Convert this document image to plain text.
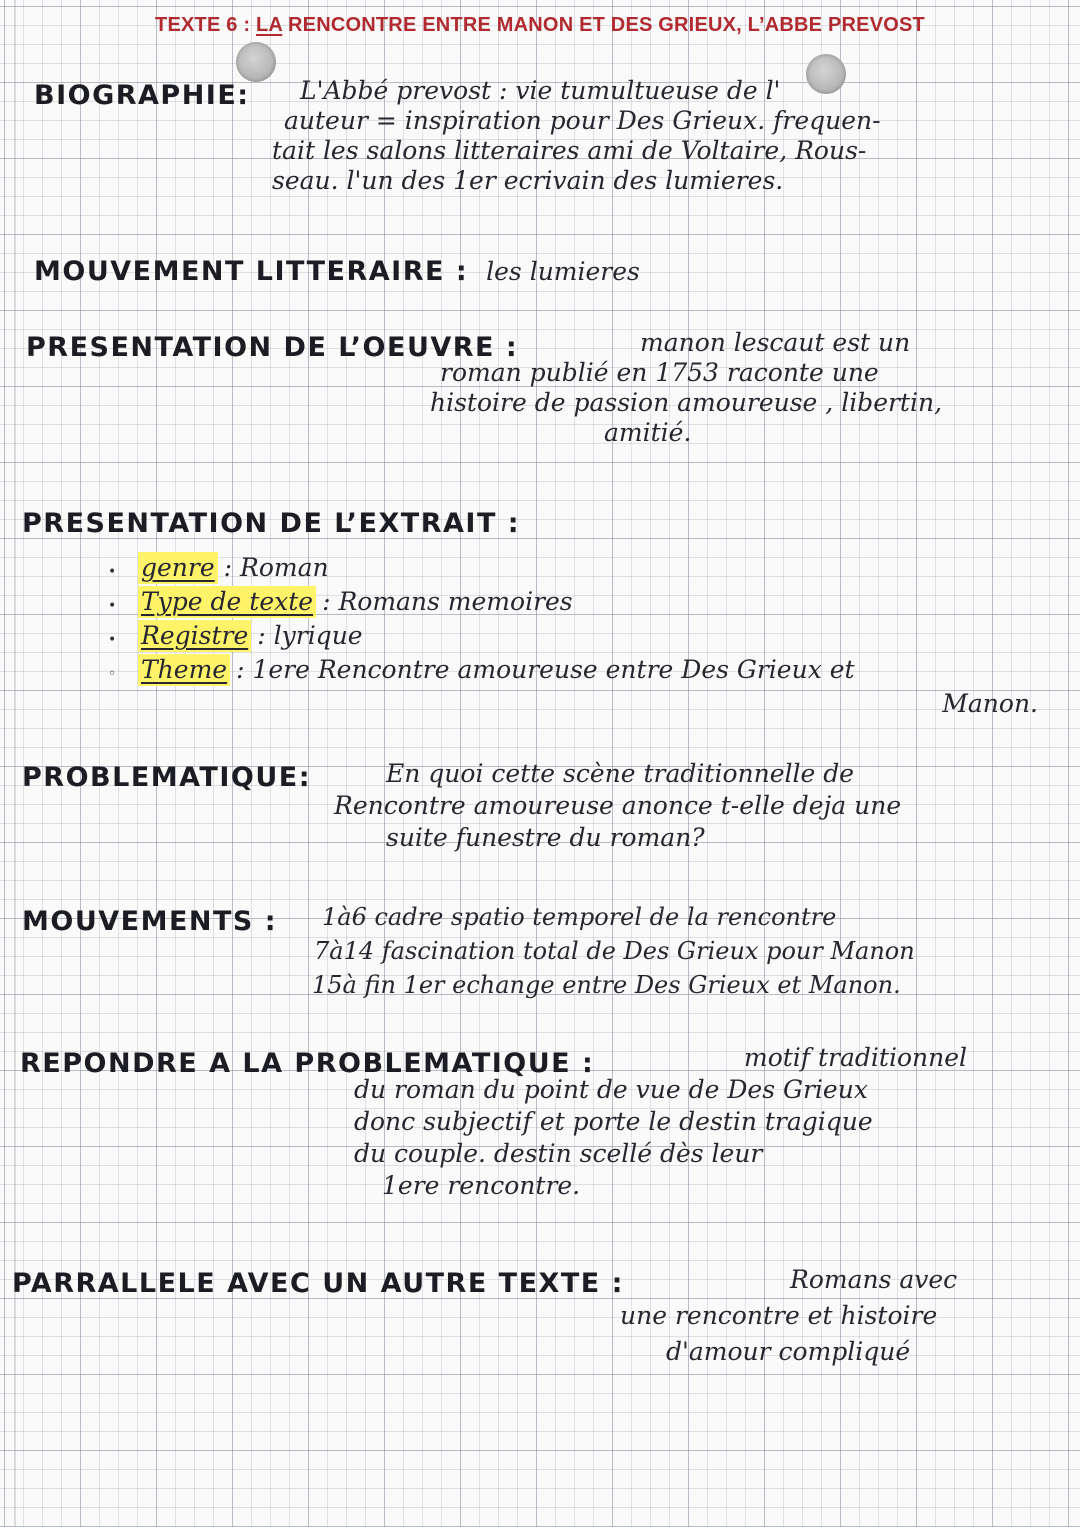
TEXTE 6 : LA RENCONTRE ENTRE MANON ET DES GRIEUX, L’ABBE PREVOST
BIOGRAPHIE: L'Abbé prevost : vie tumultueuse de l'
auteur = inspiration pour Des Grieux. frequen-
tait les salons litteraires ami de Voltaire, Rous-
seau. l'un des 1er ecrivain des lumieres.
MOUVEMENT LITTERAIRE : les lumieres
PRESENTATION DE L’OEUVRE :	manon lescaut est un
roman publié en 1753 raconte une
histoire de passion amoureuse , libertin,
amitié.
PRESENTATION DE L’EXTRAIT :
• genre : Roman
• Type de texte : Romans memoires
• Registre : lyrique
◦ Theme : 1ere Rencontre amoureuse entre Des Grieux et
Manon.
PROBLEMATIQUE:	En quoi cette scène traditionnelle de
Rencontre amoureuse anonce t-elle deja une
suite funestre du roman?
MOUVEMENTS : 1à6 cadre spatio temporel de la rencontre
7à14 fascination total de Des Grieux pour Manon
15à fin 1er echange entre Des Grieux et Manon.
REPONDRE A LA PROBLEMATIQUE :	motif traditionnel
du roman du point de vue de Des Grieux
donc subjectif et porte le destin tragique
du couple. destin scellé dès leur
1ere rencontre.
PARRALLELE AVEC UN AUTRE TEXTE :	Romans avec
une rencontre et histoire
d'amour compliqué
